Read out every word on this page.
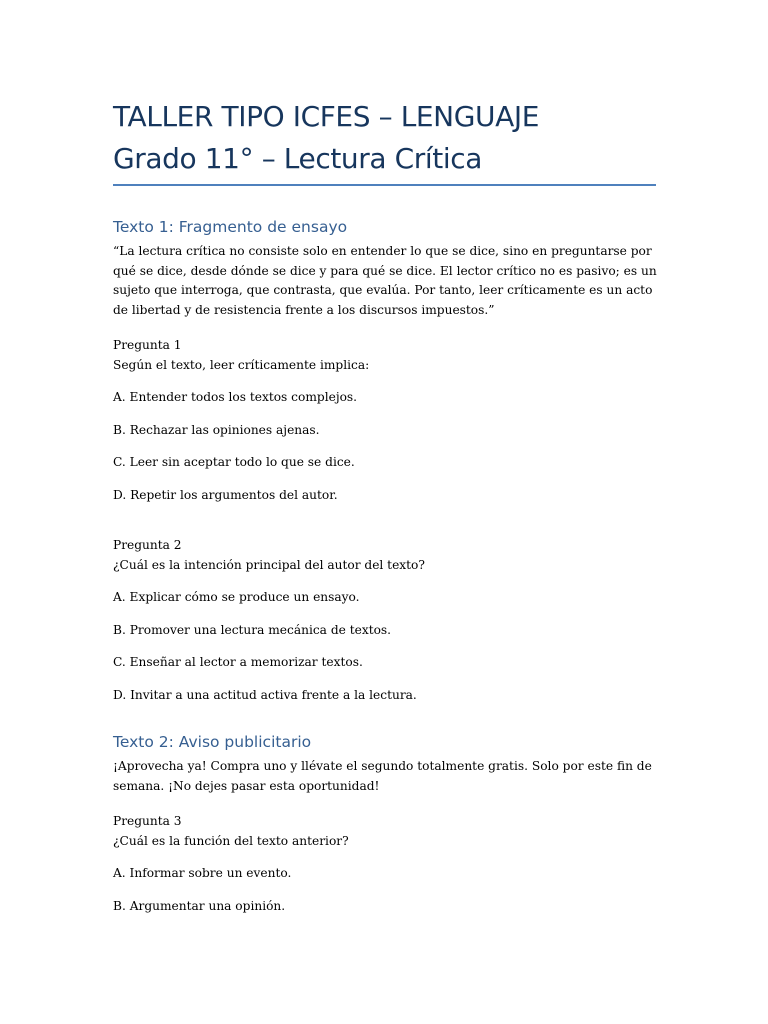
TALLER TIPO ICFES – LENGUAJE
Grado 11° – Lectura Crítica
Texto 1: Fragmento de ensayo

“La lectura crítica no consiste solo en entender lo que se dice, sino en preguntarse por qué se dice, desde dónde se dice y para qué se dice. El lector crítico no es pasivo; es un sujeto que interroga, que contrasta, que evalúa. Por tanto, leer críticamente es un acto de libertad y de resistencia frente a los discursos impuestos.”

Pregunta 1

Según el texto, leer críticamente implica:

A. Entender todos los textos complejos.

B. Rechazar las opiniones ajenas.

C. Leer sin aceptar todo lo que se dice.

D. Repetir los argumentos del autor.

Pregunta 2

¿Cuál es la intención principal del autor del texto?

A. Explicar cómo se produce un ensayo.

B. Promover una lectura mecánica de textos.

C. Enseñar al lector a memorizar textos.

D. Invitar a una actitud activa frente a la lectura.

Texto 2: Aviso publicitario

¡Aprovecha ya! Compra uno y llévate el segundo totalmente gratis. Solo por este fin de semana. ¡No dejes pasar esta oportunidad!

Pregunta 3

¿Cuál es la función del texto anterior?

A. Informar sobre un evento.

B. Argumentar una opinión.
